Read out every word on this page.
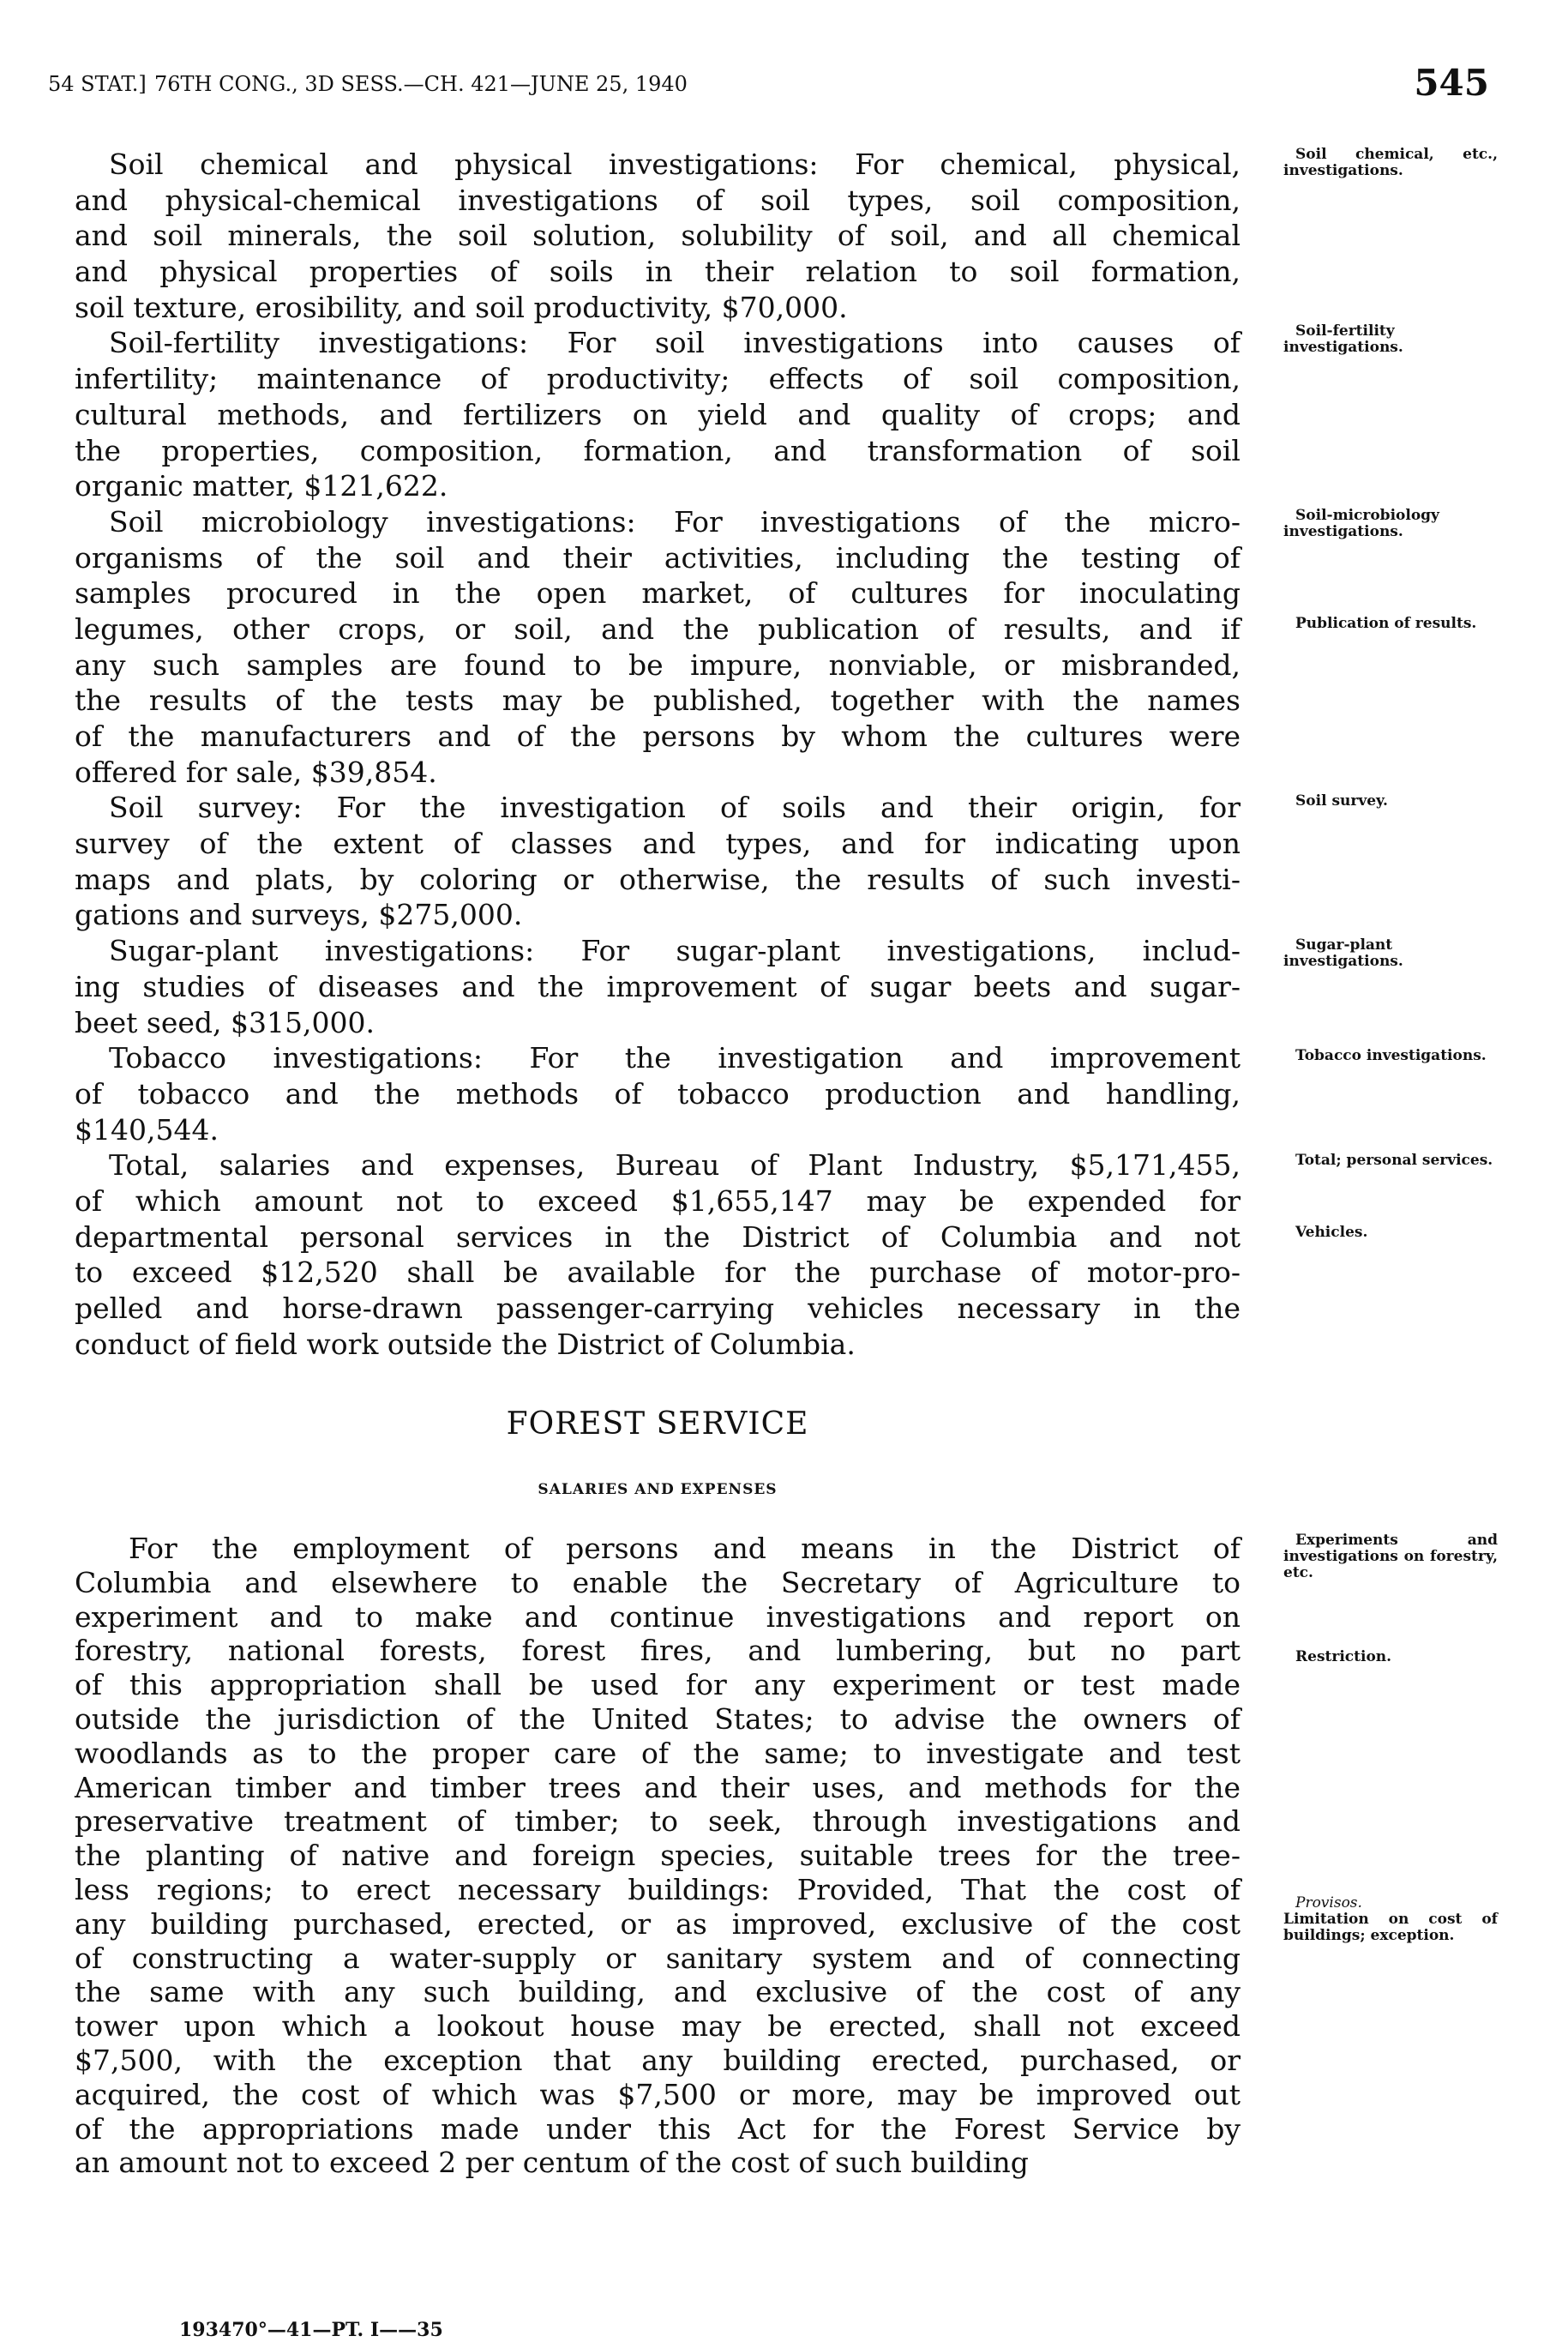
54 STAT.] 76TH CONG., 3D SESS.—CH. 421—JUNE 25, 1940	545
Soil chemical and physical investigations: For chemical, physical,
and physical-chemical investigations of soil types, soil composition,
and soil minerals, the soil solution, solubility of soil, and all chemical
and physical properties of soils in their relation to soil formation,
soil texture, erosibility, and soil productivity, $70,000.
Soil-fertility investigations: For soil investigations into causes of
infertility; maintenance of productivity; effects of soil composition,
cultural methods, and fertilizers on yield and quality of crops; and
the properties, composition, formation, and transformation of soil
organic matter, $121,622.
Soil microbiology investigations: For investigations of the micro-
organisms of the soil and their activities, including the testing of
samples procured in the open market, of cultures for inoculating
legumes, other crops, or soil, and the publication of results, and if
any such samples are found to be impure, nonviable, or misbranded,
the results of the tests may be published, together with the names
of the manufacturers and of the persons by whom the cultures were
offered for sale, $39,854.
Soil survey: For the investigation of soils and their origin, for
survey of the extent of classes and types, and for indicating upon
maps and plats, by coloring or otherwise, the results of such investi-
gations and surveys, $275,000.
Sugar-plant investigations: For sugar-plant investigations, includ-
ing studies of diseases and the improvement of sugar beets and sugar-
beet seed, $315,000.
Tobacco investigations: For the investigation and improvement
of tobacco and the methods of tobacco production and handling,
$140,544.
Total, salaries and expenses, Bureau of Plant Industry, $5,171,455,
of which amount not to exceed $1,655,147 may be expended for
departmental personal services in the District of Columbia and not
to exceed $12,520 shall be available for the purchase of motor-pro-
pelled and horse-drawn passenger-carrying vehicles necessary in the
conduct of field work outside the District of Columbia.
FOREST SERVICE
SALARIES AND EXPENSES
For the employment of persons and means in the District of
Columbia and elsewhere to enable the Secretary of Agriculture to
experiment and to make and continue investigations and report on
forestry, national forests, forest fires, and lumbering, but no part
of this appropriation shall be used for any experiment or test made
outside the jurisdiction of the United States; to advise the owners of
woodlands as to the proper care of the same; to investigate and test
American timber and timber trees and their uses, and methods for the
preservative treatment of timber; to seek, through investigations and
the planting of native and foreign species, suitable trees for the tree-
less regions; to erect necessary buildings: Provided, That the cost of
any building purchased, erected, or as improved, exclusive of the cost
of constructing a water-supply or sanitary system and of connecting
the same with any such building, and exclusive of the cost of any
tower upon which a lookout house may be erected, shall not exceed
$7,500, with the exception that any building erected, purchased, or
acquired, the cost of which was $7,500 or more, may be improved out
of the appropriations made under this Act for the Forest Service by
an amount not to exceed 2 per centum of the cost of such building
Soil chemical, etc., investigations.
Soil-fertility investigations.
Soil-microbiology investigations.
Publication of results.
Soil survey.
Sugar-plant investigations.
Tobacco investigations.
Total; personal services.
Vehicles.
Experiments and investigations on forestry, etc.
Restriction.
Provisos.
Limitation on cost of buildings; exception.
193470°—41—PT. I——35
